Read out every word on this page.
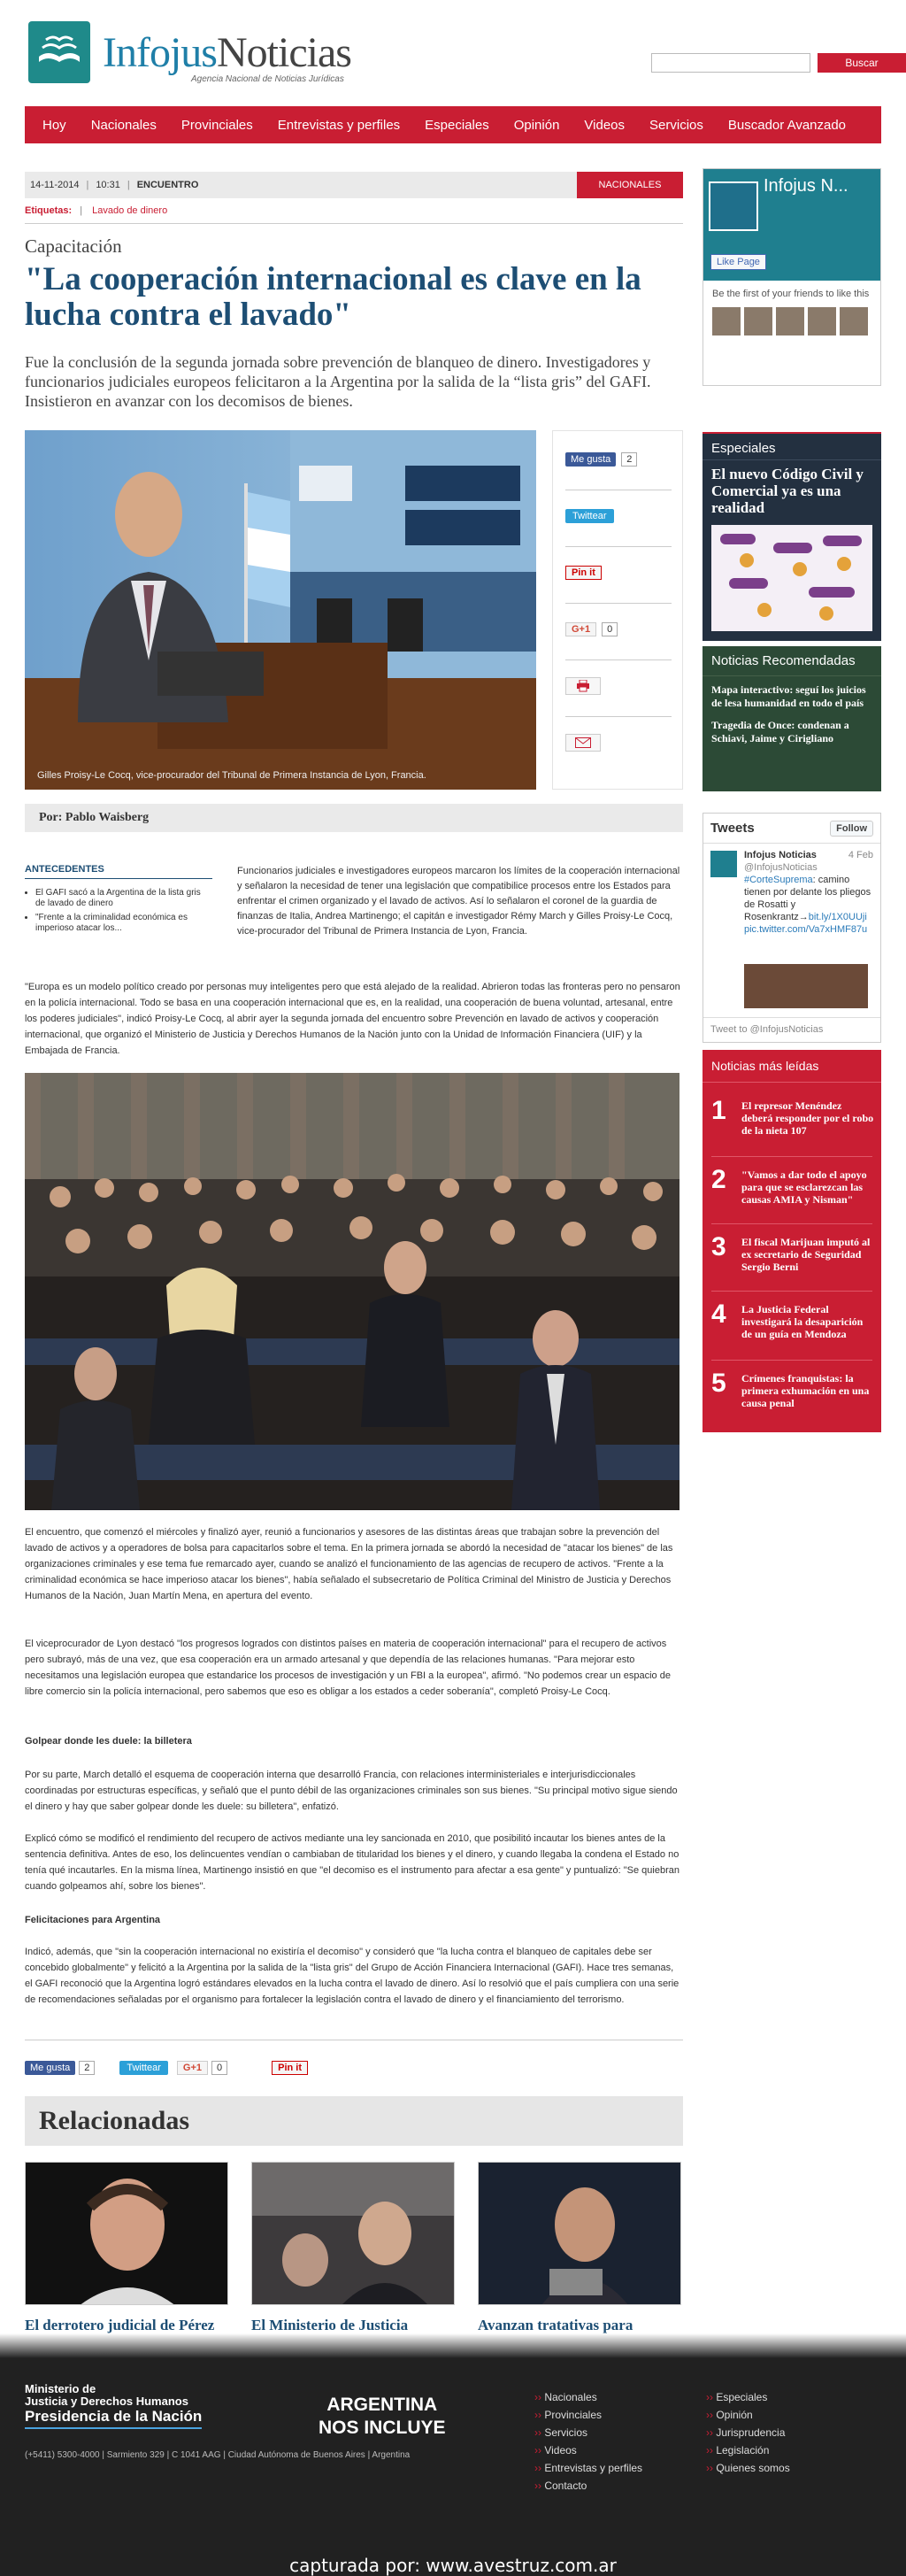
InfojusNoticias
Agencia Nacional de Noticias Jurídicas
Buscar
Hoy	Nacionales	Provinciales	Entrevistas y perfiles	Especiales	Opinión	Videos	Servicios	Buscador Avanzado
14-11-2014 | 10:31 | ENCUENTRO	NACIONALES
Etiquetas: | Lavado de dinero
Capacitación
"La cooperación internacional es clave en la lucha contra el lavado"

Fue la conclusión de la segunda jornada sobre prevención de blanqueo de dinero. Investigadores y funcionarios judiciales europeos felicitaron a la Argentina por la salida de la “lista gris” del GAFI. Insistieron en avanzar con los decomisos de bienes.

Gilles Proisy-Le Cocq, vice-procurador del Tribunal de Primera Instancia de Lyon, Francia.
Me gusta	2
Twittear
Pin it
G+1	0
Por: Pablo Waisberg
ANTECEDENTES
• El GAFI sacó a la Argentina de la lista gris de lavado de dinero
• "Frente a la criminalidad económica es imperioso atacar los...

Funcionarios judiciales e investigadores europeos marcaron los límites de la cooperación internacional y señalaron la necesidad de tener una legislación que compatibilice procesos entre los Estados para enfrentar el crimen organizado y el lavado de activos. Así lo señalaron el coronel de la guardia de finanzas de Italia, Andrea Martinengo; el capitán e investigador Rémy March y Gilles Proisy-Le Cocq, vice-procurador del Tribunal de Primera Instancia de Lyon, Francia.

"Europa es un modelo político creado por personas muy inteligentes pero que está alejado de la realidad. Abrieron todas las fronteras pero no pensaron en la policía internacional. Todo se basa en una cooperación internacional que es, en la realidad, una cooperación de buena voluntad, artesanal, entre los poderes judiciales", indicó Proisy-Le Cocq, al abrir ayer la segunda jornada del encuentro sobre Prevención en lavado de activos y cooperación internacional, que organizó el Ministerio de Justicia y Derechos Humanos de la Nación junto con la Unidad de Información Financiera (UIF) y la Embajada de Francia.

El encuentro, que comenzó el miércoles y finalizó ayer, reunió a funcionarios y asesores de las distintas áreas que trabajan sobre la prevención del lavado de activos y a operadores de bolsa para capacitarlos sobre el tema. En la primera jornada se abordó la necesidad de "atacar los bienes" de las organizaciones criminales y ese tema fue remarcado ayer, cuando se analizó el funcionamiento de las agencias de recupero de activos. "Frente a la criminalidad económica se hace imperioso atacar los bienes", había señalado el subsecretario de Política Criminal del Ministro de Justicia y Derechos Humanos de la Nación, Juan Martín Mena, en apertura del evento.

El viceprocurador de Lyon destacó "los progresos logrados con distintos países en materia de cooperación internacional" para el recupero de activos pero subrayó, más de una vez, que esa cooperación era un armado artesanal y que dependía de las relaciones humanas. "Para mejorar esto necesitamos una legislación europea que estandarice los procesos de investigación y un FBI a la europea", afirmó. "No podemos crear un espacio de libre comercio sin la policía internacional, pero sabemos que eso es obligar a los estados a ceder soberanía", completó Proisy-Le Cocq.

Golpear donde les duele: la billetera

Por su parte, March detalló el esquema de cooperación interna que desarrolló Francia, con relaciones interministeriales e interjurisdiccionales coordinadas por estructuras específicas, y señaló que el punto débil de las organizaciones criminales son sus bienes. "Su principal motivo sigue siendo el dinero y hay que saber golpear donde les duele: su billetera", enfatizó.

Explicó cómo se modificó el rendimiento del recupero de activos mediante una ley sancionada en 2010, que posibilitó incautar los bienes antes de la sentencia definitiva. Antes de eso, los delincuentes vendían o cambiaban de titularidad los bienes y el dinero, y cuando llegaba la condena el Estado no tenía qué incautarles. En la misma línea, Martinengo insistió en que "el decomiso es el instrumento para afectar a esa gente" y puntualizó: "Se quiebran cuando golpeamos ahí, sobre los bienes".

Felicitaciones para Argentina

Indicó, además, que "sin la cooperación internacional no existiría el decomiso" y consideró que "la lucha contra el blanqueo de capitales debe ser concebido globalmente" y felicitó a la Argentina por la salida de la "lista gris" del Grupo de Acción Financiera Internacional (GAFI). Hace tres semanas, el GAFI reconoció que la Argentina logró estándares elevados en la lucha contra el lavado de dinero. Así lo resolvió que el país cumpliera con una serie de recomendaciones señaladas por el organismo para fortalecer la legislación contra el lavado de dinero y el financiamiento del terrorismo.

Me gusta	2	Twittear	G+1	0	Pin it
Relacionadas
El derrotero judicial de Pérez	El Ministerio de Justicia	Avanzan tratativas para
Infojus N...
Like Page
Be the first of your friends to like this
Especiales
El nuevo Código Civil y Comercial ya es una realidad
Noticias Recomendadas

Mapa interactivo: seguí los juicios de lesa humanidad en todo el país

Tragedia de Once: condenan a Schiavi, Jaime y Cirigliano

Tweets	Follow
Infojus Noticias
@InfojusNoticias
4 Feb
#CorteSuprema: camino tienen por delante los pliegos de Rosatti y Rosenkrantz→bit.ly/1X0UUji pic.twitter.com/Va7xHMF87u
Tweet to @InfojusNoticias
Noticias más leídas
1 El represor Menéndez deberá responder por el robo de la nieta 107
2 "Vamos a dar todo el apoyo para que se esclarezcan las causas AMIA y Nisman"
3 El fiscal Marijuan imputó al ex secretario de Seguridad Sergio Berni
4 La Justicia Federal investigará la desaparición de un guía en Mendoza
5 Crímenes franquistas: la primera exhumación en una causa penal
Ministerio de
Justicia y Derechos Humanos
Presidencia de la Nación
ARGENTINA
NOS INCLUYE
(+5411) 5300-4000 | Sarmiento 329 | C 1041 AAG | Ciudad Autónoma de Buenos Aires | Argentina
›› Nacionales
›› Provinciales
›› Servicios
›› Videos
›› Entrevistas y perfiles
›› Contacto
›› Especiales
›› Opinión
›› Jurisprudencia
›› Legislación
›› Quienes somos
capturada por: www.avestruz.com.ar
